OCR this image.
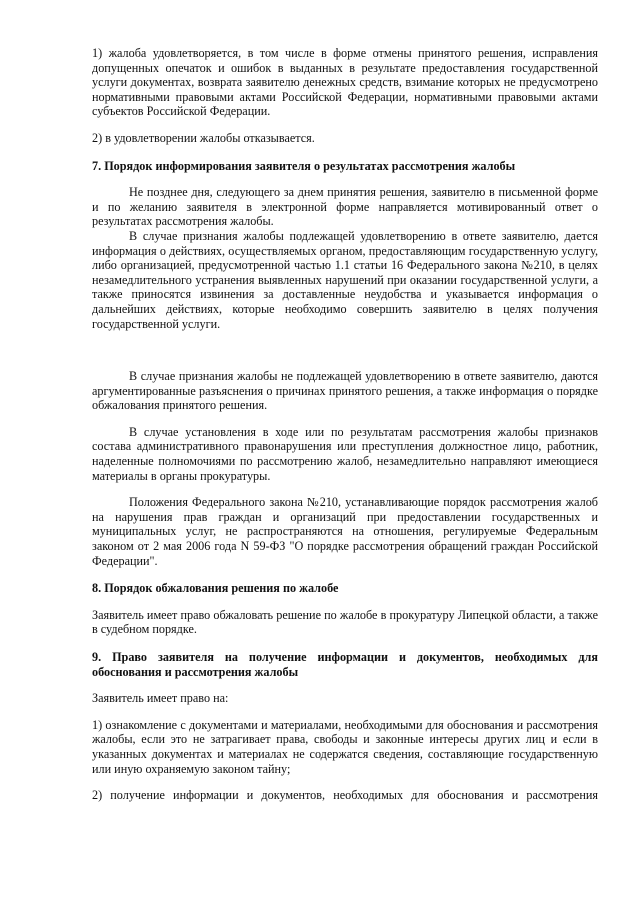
1) жалоба удовлетворяется, в том числе в форме отмены принятого решения, исправления допущенных опечаток и ошибок в выданных в результате предоставления государственной услуги документах, возврата заявителю денежных средств, взимание которых не предусмотрено нормативными правовыми актами Российской Федерации, нормативными правовыми актами субъектов Российской Федерации.

2) в удовлетворении жалобы отказывается.

7. Порядок информирования заявителя о результатах рассмотрения жалобы

Не позднее дня, следующего за днем принятия решения, заявителю в письменной форме и по желанию заявителя в электронной форме направляется мотивированный ответ о результатах рассмотрения жалобы.

В случае признания жалобы подлежащей удовлетворению в ответе заявителю, дается информация о действиях, осуществляемых органом, предоставляющим государственную услугу, либо организацией, предусмотренной частью 1.1 статьи 16 Федерального закона №210, в целях незамедлительного устранения выявленных нарушений при оказании государственной услуги, а также приносятся извинения за доставленные неудобства и указывается информация о дальнейших действиях, которые необходимо совершить заявителю в целях получения государственной услуги.

В случае признания жалобы не подлежащей удовлетворению в ответе заявителю, даются аргументированные разъяснения о причинах принятого решения, а также информация о порядке обжалования принятого решения.

В случае установления в ходе или по результатам рассмотрения жалобы признаков состава административного правонарушения или преступления должностное лицо, работник, наделенные полномочиями по рассмотрению жалоб, незамедлительно направляют имеющиеся материалы в органы прокуратуры.

Положения Федерального закона №210, устанавливающие порядок рассмотрения жалоб на нарушения прав граждан и организаций при предоставлении государственных и муниципальных услуг, не распространяются на отношения, регулируемые Федеральным законом от 2 мая 2006 года N 59-ФЗ "О порядке рассмотрения обращений граждан Российской Федерации".

8. Порядок обжалования решения по жалобе

Заявитель имеет право обжаловать решение по жалобе в прокуратуру Липецкой области, а также в судебном порядке.

9. Право заявителя на получение информации и документов, необходимых для обоснования и рассмотрения жалобы

Заявитель имеет право на:

1) ознакомление с документами и материалами, необходимыми для обоснования и рассмотрения жалобы, если это не затрагивает права, свободы и законные интересы других лиц и если в указанных документах и материалах не содержатся сведения, составляющие государственную или иную охраняемую законом тайну;

2) получение информации и документов, необходимых для обоснования и рассмотрения
